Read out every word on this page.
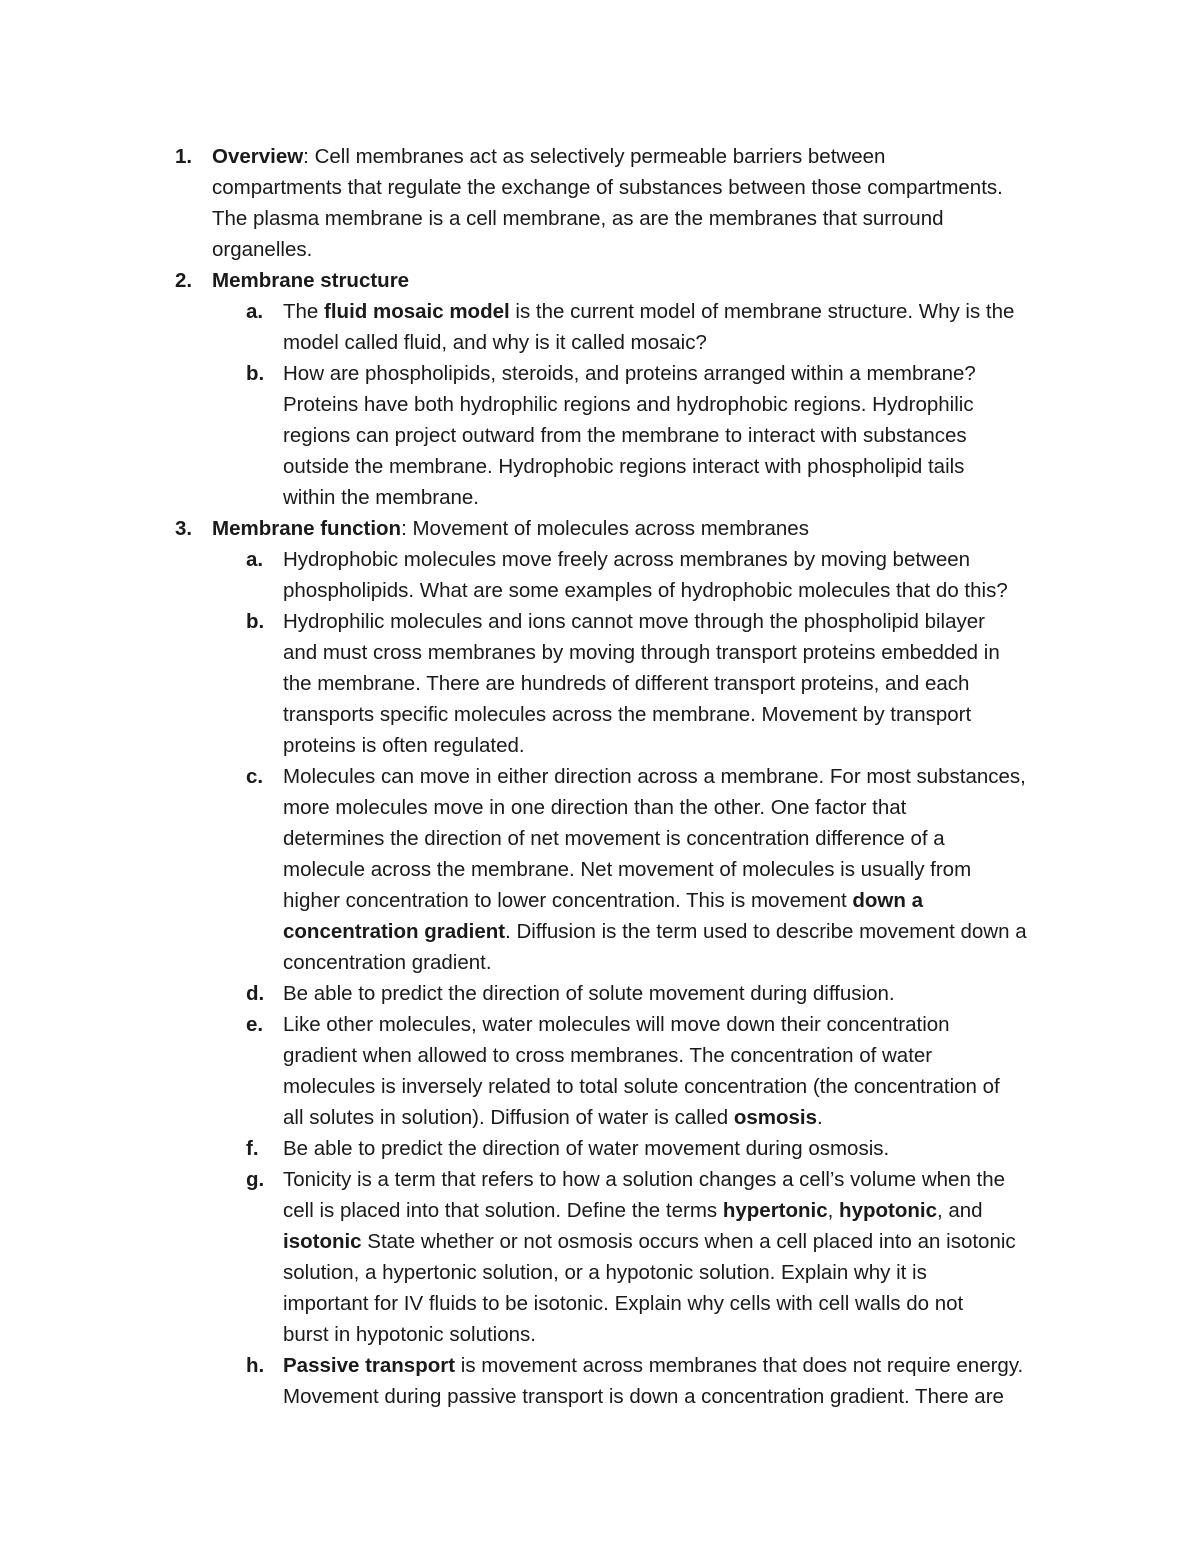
1. Overview: Cell membranes act as selectively permeable barriers between
compartments that regulate the exchange of substances between those compartments.
The plasma membrane is a cell membrane, as are the membranes that surround
organelles.
2. Membrane structure
a. The fluid mosaic model is the current model of membrane structure. Why is the
model called fluid, and why is it called mosaic?
b. How are phospholipids, steroids, and proteins arranged within a membrane?
Proteins have both hydrophilic regions and hydrophobic regions. Hydrophilic
regions can project outward from the membrane to interact with substances
outside the membrane. Hydrophobic regions interact with phospholipid tails
within the membrane.
3. Membrane function: Movement of molecules across membranes
a. Hydrophobic molecules move freely across membranes by moving between
phospholipids. What are some examples of hydrophobic molecules that do this?
b. Hydrophilic molecules and ions cannot move through the phospholipid bilayer
and must cross membranes by moving through transport proteins embedded in
the membrane. There are hundreds of different transport proteins, and each
transports specific molecules across the membrane. Movement by transport
proteins is often regulated.
c. Molecules can move in either direction across a membrane. For most substances,
more molecules move in one direction than the other. One factor that
determines the direction of net movement is concentration difference of a
molecule across the membrane. Net movement of molecules is usually from
higher concentration to lower concentration. This is movement down a
concentration gradient. Diffusion is the term used to describe movement down a
concentration gradient.
d. Be able to predict the direction of solute movement during diffusion.
e. Like other molecules, water molecules will move down their concentration
gradient when allowed to cross membranes. The concentration of water
molecules is inversely related to total solute concentration (the concentration of
all solutes in solution). Diffusion of water is called osmosis.
f. Be able to predict the direction of water movement during osmosis.
g. Tonicity is a term that refers to how a solution changes a cell’s volume when the
cell is placed into that solution. Define the terms hypertonic, hypotonic, and
isotonic State whether or not osmosis occurs when a cell placed into an isotonic
solution, a hypertonic solution, or a hypotonic solution. Explain why it is
important for IV fluids to be isotonic. Explain why cells with cell walls do not
burst in hypotonic solutions.
h. Passive transport is movement across membranes that does not require energy.
Movement during passive transport is down a concentration gradient. There are
